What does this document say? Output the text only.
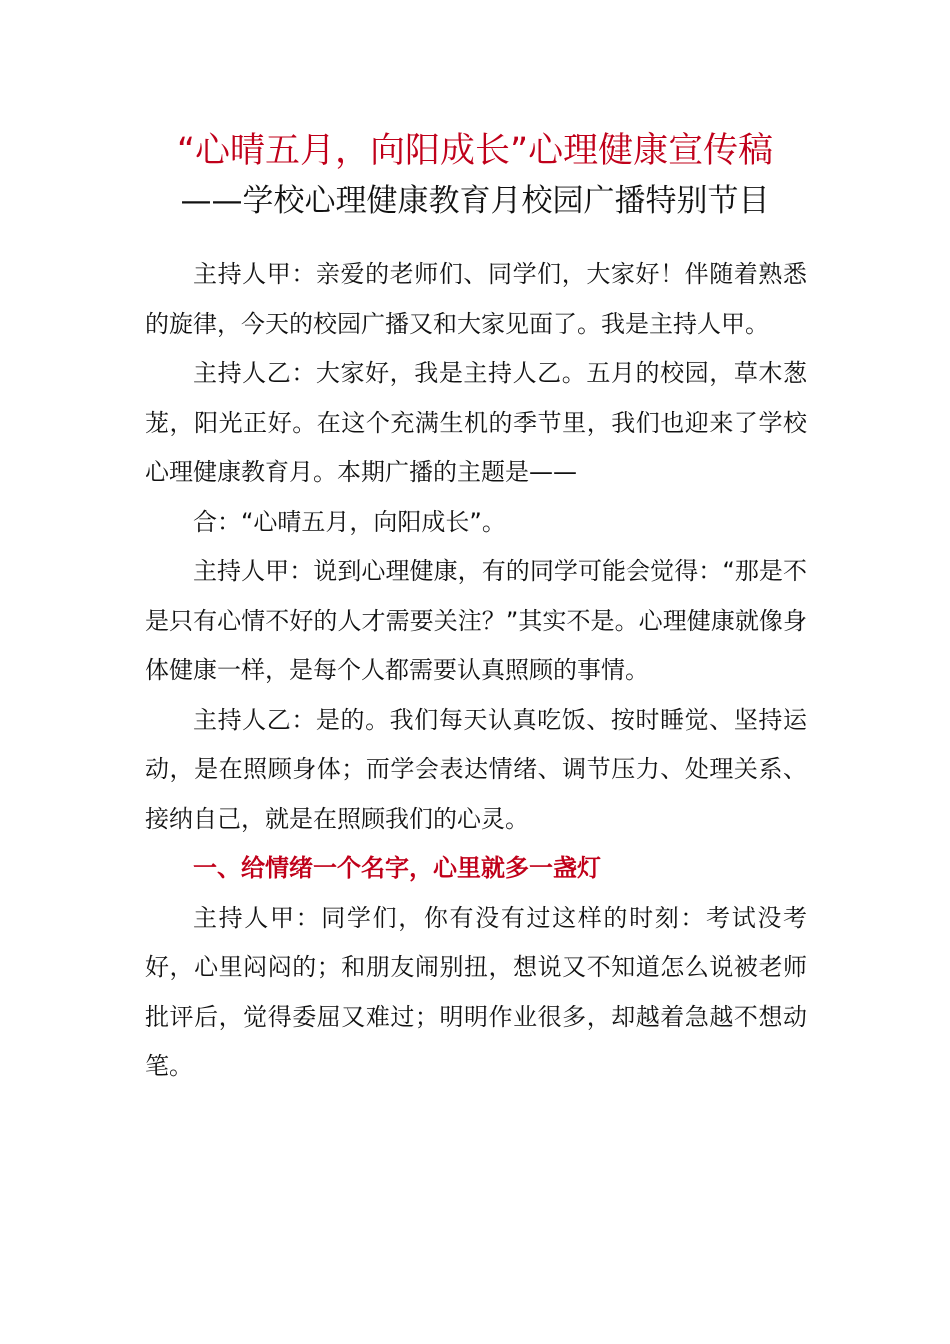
“心晴五月，向阳成长”心理健康宣传稿
——学校心理健康教育月校园广播特别节目

主持人甲：亲爱的老师们、同学们，大家好！伴随着熟悉的旋律，今天的校园广播又和大家见面了。我是主持人甲。

主持人乙：大家好，我是主持人乙。五月的校园，草木葱茏，阳光正好。在这个充满生机的季节里，我们也迎来了学校心理健康教育月。本期广播的主题是——

合：“心晴五月，向阳成长”。

主持人甲：说到心理健康，有的同学可能会觉得：“那是不是只有心情不好的人才需要关注？”其实不是。心理健康就像身体健康一样，是每个人都需要认真照顾的事情。

主持人乙：是的。我们每天认真吃饭、按时睡觉、坚持运动，是在照顾身体；而学会表达情绪、调节压力、处理关系、接纳自己，就是在照顾我们的心灵。

一、给情绪一个名字，心里就多一盏灯

主持人甲：同学们，你有没有过这样的时刻：考试没考好，心里闷闷的；和朋友闹别扭，想说又不知道怎么说被老师批评后，觉得委屈又难过；明明作业很多，却越着急越不想动笔。
